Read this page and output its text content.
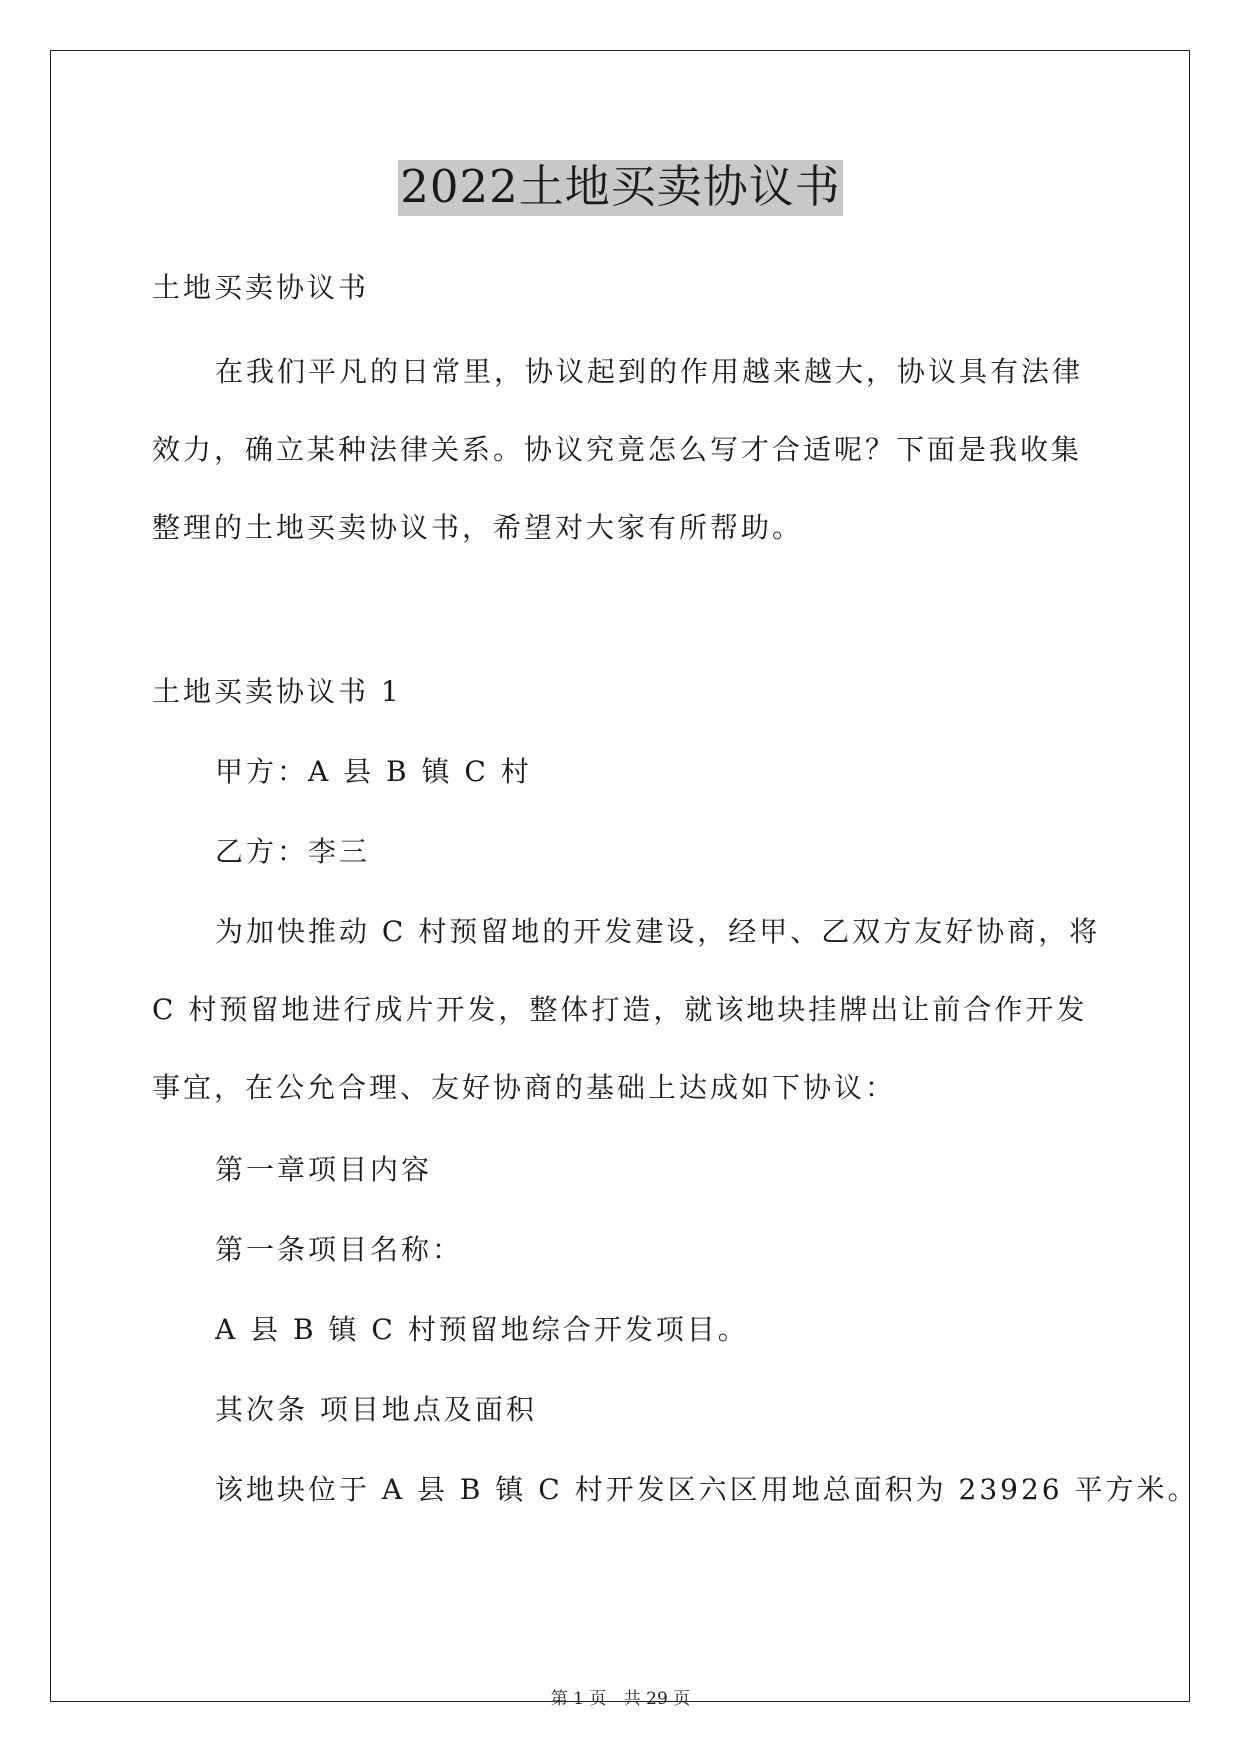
2022土地买卖协议书
土地买卖协议书
在我们平凡的日常里，协议起到的作用越来越大，协议具有法律
效力，确立某种法律关系。协议究竟怎么写才合适呢？下面是我收集
整理的土地买卖协议书，希望对大家有所帮助。
土地买卖协议书 1
甲方：A 县 B 镇 C 村
乙方：李三
为加快推动 C 村预留地的开发建设，经甲、乙双方友好协商，将
C 村预留地进行成片开发，整体打造，就该地块挂牌出让前合作开发
事宜，在公允合理、友好协商的基础上达成如下协议：
第一章项目内容
第一条项目名称：
A 县 B 镇 C 村预留地综合开发项目。
其次条 项目地点及面积
该地块位于 A 县 B 镇 C 村开发区六区用地总面积为 23926 平方米。
第 1 页 共 29 页
